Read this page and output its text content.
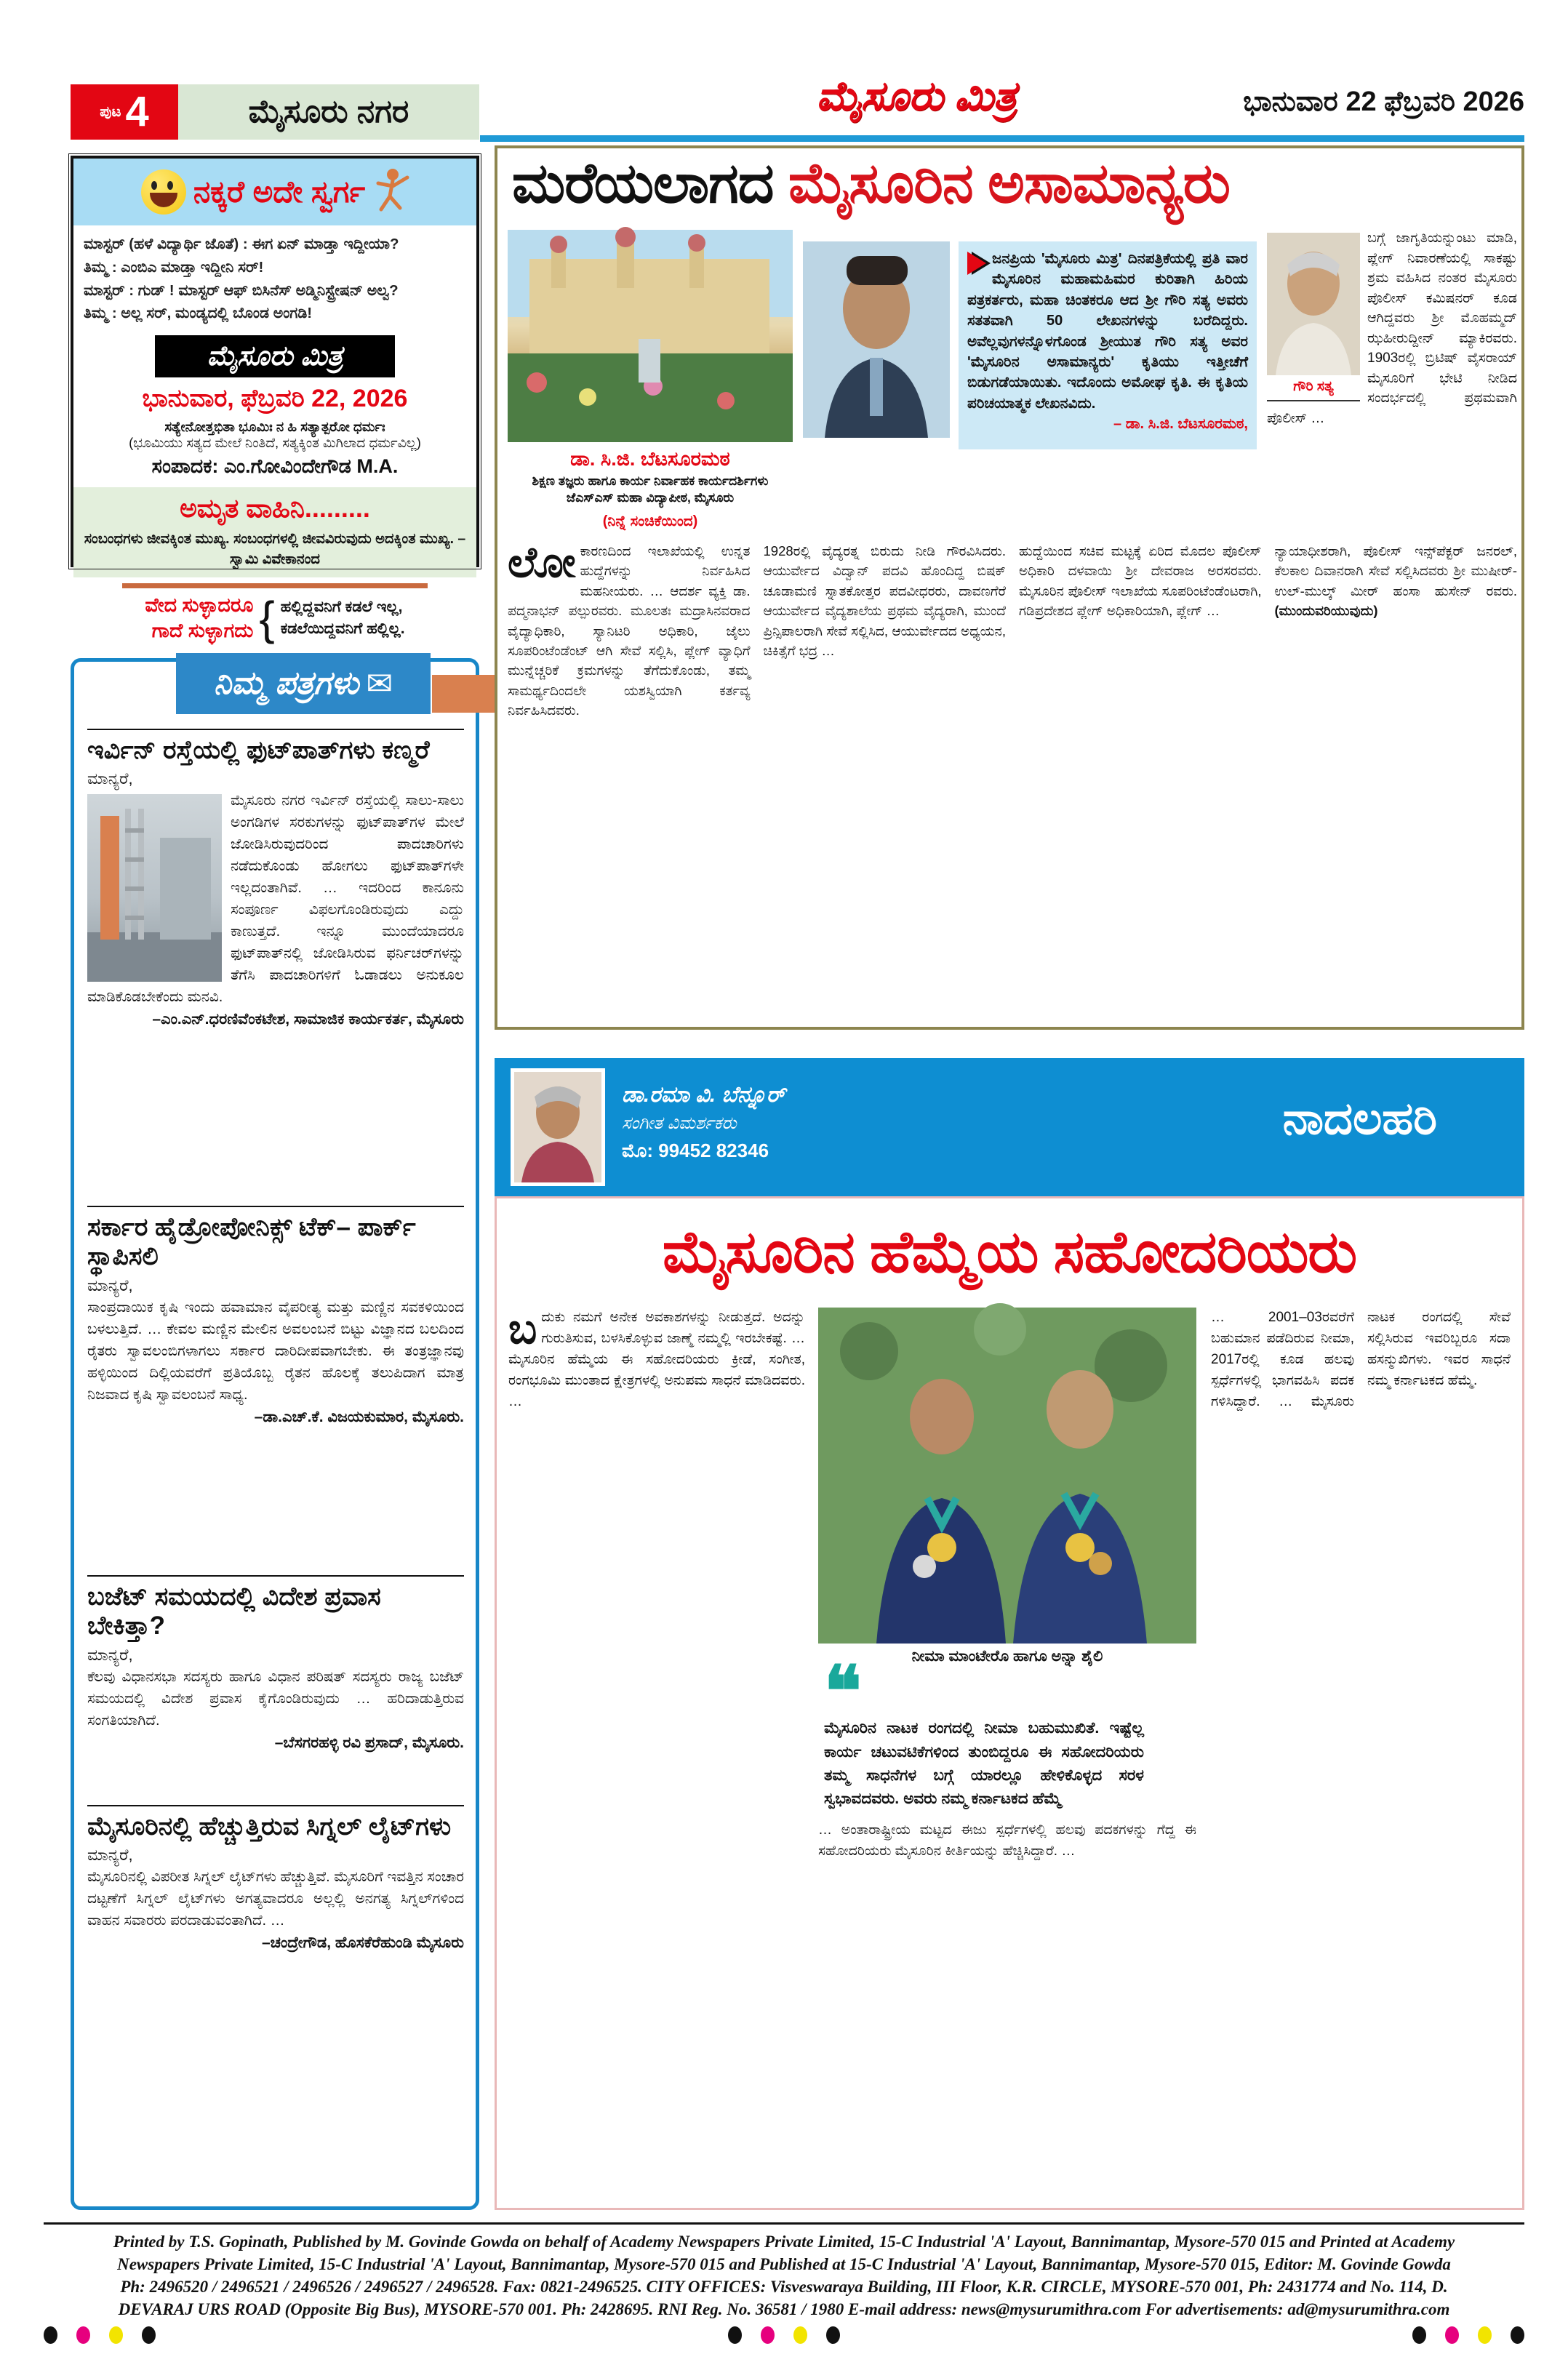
ಪುಟ 4	ಮೈಸೂರು ನಗರ	ಮೈಸೂರು ಮಿತ್ರ	ಭಾನುವಾರ 22 ಫೆಬ್ರವರಿ 2026
ನಕ್ಕರೆ ಅದೇ ಸ್ವರ್ಗ
ಮಾಸ್ಟರ್ (ಹಳೆ ವಿದ್ಯಾರ್ಥಿ ಜೊತೆ) : ಈಗ ಏನ್ ಮಾಡ್ತಾ ಇದ್ದೀಯಾ?
ತಿಮ್ಮ : ಎಂಬಿಎ ಮಾಡ್ತಾ ಇದ್ದೀನಿ ಸರ್!
ಮಾಸ್ಟರ್ : ಗುಡ್ ! ಮಾಸ್ಟರ್ ಆಫ್ ಬಿಸಿನೆಸ್ ಅಡ್ಮಿನಿಸ್ಟ್ರೇಷನ್ ಅಲ್ವ?
ತಿಮ್ಮ : ಅಲ್ಲ ಸರ್, ಮಂಡ್ಯದಲ್ಲಿ ಬೊಂಡ ಅಂಗಡಿ!
ಮೈಸೂರು ಮಿತ್ರ
ಭಾನುವಾರ, ಫೆಬ್ರವರಿ 22, 2026
ಸತ್ಯೇನೋತ್ತಭಿತಾ ಭೂಮಿಃ ನ ಹಿ ಸತ್ಯಾತ್ಪರೋ ಧರ್ಮಃ
(ಭೂಮಿಯು ಸತ್ಯದ ಮೇಲೆ ನಿಂತಿದೆ, ಸತ್ಯಕ್ಕಿಂತ ಮಿಗಿಲಾದ ಧರ್ಮವಿಲ್ಲ)
ಸಂಪಾದಕ: ಎಂ.ಗೋವಿಂದೇಗೌಡ M.A.
ಅಮೃತ ವಾಹಿನಿ.........
ಸಂಬಂಧಗಳು ಜೀವಕ್ಕಿಂತ ಮುಖ್ಯ. ಸಂಬಂಧಗಳಲ್ಲಿ ಜೀವವಿರುವುದು ಅದಕ್ಕಿಂತ ಮುಖ್ಯ. – ಸ್ವಾಮಿ ವಿವೇಕಾನಂದ
ವೇದ ಸುಳ್ಳಾದರೂ
ಗಾದೆ ಸುಳ್ಳಾಗದು { ಹಲ್ಲಿದ್ದವನಿಗೆ ಕಡಲೆ ಇಲ್ಲ,
ಕಡಲೆಯಿದ್ದವನಿಗೆ ಹಲ್ಲಿಲ್ಲ.
ನಿಮ್ಮ ಪತ್ರಗಳು ✉
ಇರ್ವಿನ್ ರಸ್ತೆಯಲ್ಲಿ ಫುಟ್‌ಪಾತ್‌ಗಳು ಕಣ್ಮರೆ
ಮಾನ್ಯರೆ,
ಮೈಸೂರು ನಗರ ಇರ್ವಿನ್ ರಸ್ತೆಯಲ್ಲಿ ಸಾಲು-ಸಾಲು ಅಂಗಡಿಗಳ ಸರಕುಗಳನ್ನು ಫುಟ್‌ಪಾತ್‌ಗಳ ಮೇಲೆ ಜೋಡಿಸಿರುವುದರಿಂದ ಪಾದಚಾರಿಗಳು ನಡೆದುಕೊಂಡು ಹೋಗಲು ಫುಟ್‌ಪಾತ್‌ಗಳೇ ಇಲ್ಲದಂತಾಗಿವೆ. … ಇದರಿಂದ ಕಾನೂನು ಸಂಪೂರ್ಣ ವಿಫಲಗೊಂಡಿರುವುದು ಎದ್ದು ಕಾಣುತ್ತದೆ. ಇನ್ನೂ ಮುಂದೆಯಾದರೂ ಫುಟ್‌ಪಾತ್‌ನಲ್ಲಿ ಜೋಡಿಸಿರುವ ಫರ್ನಿಚರ್‌ಗಳನ್ನು ತೆಗೆಸಿ ಪಾದಚಾರಿಗಳಿಗೆ ಓಡಾಡಲು ಅನುಕೂಲ ಮಾಡಿಕೊಡಬೇಕೆಂದು ಮನವಿ.
–ಎಂ.ಎನ್.ಧರಣಿವೆಂಕಟೇಶ, ಸಾಮಾಜಿಕ ಕಾರ್ಯಕರ್ತ, ಮೈಸೂರು
ಸರ್ಕಾರ ಹೈಡ್ರೋಪೋನಿಕ್ಸ್ ಟೆಕ್– ಪಾರ್ಕ್ ಸ್ಥಾಪಿಸಲಿ
ಮಾನ್ಯರೆ,
ಸಾಂಪ್ರದಾಯಿಕ ಕೃಷಿ ಇಂದು ಹವಾಮಾನ ವೈಪರೀತ್ಯ ಮತ್ತು ಮಣ್ಣಿನ ಸವಕಳಿಯಿಂದ ಬಳಲುತ್ತಿದೆ. … ಕೇವಲ ಮಣ್ಣಿನ ಮೇಲಿನ ಅವಲಂಬನೆ ಬಿಟ್ಟು ವಿಜ್ಞಾನದ ಬಲದಿಂದ ರೈತರು ಸ್ವಾವಲಂಬಿಗಳಾಗಲು ಸರ್ಕಾರ ದಾರಿದೀಪವಾಗಬೇಕು. ಈ ತಂತ್ರಜ್ಞಾನವು ಹಳ್ಳಿಯಿಂದ ದಿಲ್ಲಿಯವರೆಗೆ ಪ್ರತಿಯೊಬ್ಬ ರೈತನ ಹೊಲಕ್ಕೆ ತಲುಪಿದಾಗ ಮಾತ್ರ ನಿಜವಾದ ಕೃಷಿ ಸ್ವಾವಲಂಬನೆ ಸಾಧ್ಯ.
–ಡಾ.ಎಚ್.ಕೆ. ವಿಜಯಕುಮಾರ, ಮೈಸೂರು.
ಬಜೆಟ್ ಸಮಯದಲ್ಲಿ ವಿದೇಶ ಪ್ರವಾಸ ಬೇಕಿತ್ತಾ?
ಮಾನ್ಯರೆ,
ಕೆಲವು ವಿಧಾನಸಭಾ ಸದಸ್ಯರು ಹಾಗೂ ವಿಧಾನ ಪರಿಷತ್ ಸದಸ್ಯರು ರಾಜ್ಯ ಬಜೆಟ್ ಸಮಯದಲ್ಲಿ ವಿದೇಶ ಪ್ರವಾಸ ಕೈಗೊಂಡಿರುವುದು … ಹರಿದಾಡುತ್ತಿರುವ ಸಂಗತಿಯಾಗಿದೆ.
–ಬೆಸಗರಹಳ್ಳಿ ರವಿ ಪ್ರಸಾದ್, ಮೈಸೂರು.
ಮೈಸೂರಿನಲ್ಲಿ ಹೆಚ್ಚುತ್ತಿರುವ ಸಿಗ್ನಲ್ ಲೈಟ್‌ಗಳು
ಮಾನ್ಯರೆ,
ಮೈಸೂರಿನಲ್ಲಿ ವಿಪರೀತ ಸಿಗ್ನಲ್ ಲೈಟ್‌ಗಳು ಹೆಚ್ಚುತ್ತಿವೆ. ಮೈಸೂರಿಗೆ ಇವತ್ತಿನ ಸಂಚಾರ ದಟ್ಟಣೆಗೆ ಸಿಗ್ನಲ್ ಲೈಟ್‌ಗಳು ಅಗತ್ಯವಾದರೂ ಅಲ್ಲಲ್ಲಿ ಅನಗತ್ಯ ಸಿಗ್ನಲ್‌ಗಳಿಂದ ವಾಹನ ಸವಾರರು ಪರದಾಡುವಂತಾಗಿದೆ. …
–ಚಂದ್ರೇಗೌಡ, ಹೊಸಕೆರೆಹುಂಡಿ ಮೈಸೂರು
ಮರೆಯಲಾಗದ ಮೈಸೂರಿನ ಅಸಾಮಾನ್ಯರು
ಡಾ. ಸಿ.ಜಿ. ಬೆಟಸೂರಮಠ
ಶಿಕ್ಷಣ ತಜ್ಞರು ಹಾಗೂ ಕಾರ್ಯ ನಿರ್ವಾಹಕ ಕಾರ್ಯದರ್ಶಿಗಳು ಜೆಎಸ್‌ಎಸ್ ಮಹಾ ವಿದ್ಯಾಪೀಠ, ಮೈಸೂರು
(ನಿನ್ನೆ ಸಂಚಿಕೆಯಿಂದ)
ಜನಪ್ರಿಯ 'ಮೈಸೂರು ಮಿತ್ರ' ದಿನಪತ್ರಿಕೆಯಲ್ಲಿ ಪ್ರತಿ ವಾರ ಮೈಸೂರಿನ ಮಹಾಮಹಿಮರ ಕುರಿತಾಗಿ ಹಿರಿಯ ಪತ್ರಕರ್ತರು, ಮಹಾ ಚಿಂತಕರೂ ಆದ ಶ್ರೀ ಗೌರಿ ಸತ್ಯ ಅವರು ಸತತವಾಗಿ 50 ಲೇಖನಗಳನ್ನು ಬರೆದಿದ್ದರು. ಅವೆಲ್ಲವುಗಳನ್ನೊಳಗೊಂಡ ಶ್ರೀಯುತ ಗೌರಿ ಸತ್ಯ ಅವರ 'ಮೈಸೂರಿನ ಅಸಾಮಾನ್ಯರು' ಕೃತಿಯು ಇತ್ತೀಚೆಗೆ ಬಿಡುಗಡೆಯಾಯಿತು. ಇದೊಂದು ಅಮೋಘ ಕೃತಿ. ಈ ಕೃತಿಯ ಪರಿಚಯಾತ್ಮಕ ಲೇಖನವಿದು.
– ಡಾ. ಸಿ.ಜಿ. ಬೆಟಸೂರಮಠ,
ಗೌರಿ ಸತ್ಯ
ಬಗ್ಗೆ ಜಾಗೃತಿಯನ್ನುಂಟು ಮಾಡಿ, ಪ್ಲೇಗ್ ನಿವಾರಣೆಯಲ್ಲಿ ಸಾಕಷ್ಟು ಶ್ರಮ ವಹಿಸಿದ ನಂತರ ಮೈಸೂರು ಪೊಲೀಸ್ ಕಮಿಷನರ್ ಕೂಡ ಆಗಿದ್ದವರು ಶ್ರೀ ಮೊಹಮ್ಮದ್ ಝಹೀರುದ್ದೀನ್ ಮ್ಯಾಕಿರವರು. 1903ರಲ್ಲಿ ಬ್ರಿಟಿಷ್ ವೈಸರಾಯ್ ಮೈಸೂರಿಗೆ ಭೇಟಿ ನೀಡಿದ ಸಂದರ್ಭದಲ್ಲಿ ಪ್ರಥಮವಾಗಿ ಪೊಲೀಸ್ …
ಲೋ ಕಾರಣದಿಂದ ಇಲಾಖೆಯಲ್ಲಿ ಉನ್ನತ ಹುದ್ದೆಗಳನ್ನು ನಿರ್ವಹಿಸಿದ ಮಹನೀಯರು. … ಆದರ್ಶ ವ್ಯಕ್ತಿ ಡಾ. ಪದ್ಮನಾಭನ್ ಪಲ್ಪುರವರು. ಮೂಲತಃ ಮದ್ರಾಸಿನವರಾದ ವೈದ್ಯಾಧಿಕಾರಿ, ಸ್ಯಾನಿಟರಿ ಅಧಿಕಾರಿ, ಜೈಲು ಸೂಪರಿಂಟೆಂಡೆಂಟ್ ಆಗಿ ಸೇವೆ ಸಲ್ಲಿಸಿ, ಪ್ಲೇಗ್ ವ್ಯಾಧಿಗೆ ಮುನ್ನೆಚ್ಚರಿಕೆ ಕ್ರಮಗಳನ್ನು ತೆಗೆದುಕೊಂಡು, ತಮ್ಮ ಸಾಮರ್ಥ್ಯದಿಂದಲೇ ಯಶಸ್ವಿಯಾಗಿ ಕರ್ತವ್ಯ ನಿರ್ವಹಿಸಿದವರು.
1928ರಲ್ಲಿ ವೈದ್ಯರತ್ನ ಬಿರುದು ನೀಡಿ ಗೌರವಿಸಿದರು. ಆಯುರ್ವೇದ ವಿದ್ವಾನ್ ಪದವಿ ಹೊಂದಿದ್ದ ಬಿಷಕ್ ಚೂಡಾಮಣಿ ಸ್ನಾತಕೋತ್ತರ ಪದವೀಧರರು, ದಾವಣಗೆರೆ ಆಯುರ್ವೇದ ವೈದ್ಯಶಾಲೆಯ ಪ್ರಥಮ ವೈದ್ಯರಾಗಿ, ಮುಂದೆ ಪ್ರಿನ್ಸಿಪಾಲರಾಗಿ ಸೇವೆ ಸಲ್ಲಿಸಿದ, ಆಯುರ್ವೇದದ ಅಧ್ಯಯನ, ಚಿಕಿತ್ಸೆಗೆ ಭದ್ರ …
ಹುದ್ದೆಯಿಂದ ಸಚಿವ ಮಟ್ಟಕ್ಕೆ ಏರಿದ ಮೊದಲ ಪೊಲೀಸ್ ಅಧಿಕಾರಿ ದಳವಾಯಿ ಶ್ರೀ ದೇವರಾಜ ಅರಸರವರು. ಮೈಸೂರಿನ ಪೊಲೀಸ್ ಇಲಾಖೆಯ ಸೂಪರಿಂಟೆಂಡೆಂಟರಾಗಿ, ಗಡಿಪ್ರದೇಶದ ಪ್ಲೇಗ್ ಅಧಿಕಾರಿಯಾಗಿ, ಪ್ಲೇಗ್ …
ನ್ಯಾಯಾಧೀಶರಾಗಿ, ಪೊಲೀಸ್ ಇನ್ಸ್‌ಪೆಕ್ಟರ್ ಜನರಲ್, ಕೆಲಕಾಲ ದಿವಾನರಾಗಿ ಸೇವೆ ಸಲ್ಲಿಸಿದವರು ಶ್ರೀ ಮುಷೀರ್-ಉಲ್-ಮುಲ್ಕ್ ಮೀರ್ ಹಂಸಾ ಹುಸೇನ್ ರವರು. (ಮುಂದುವರಿಯುವುದು)
ಡಾ.ರಮಾ ವಿ. ಬೆನ್ನೂರ್
ಸಂಗೀತ ವಿಮರ್ಶಕರು
ಮೊ: 99452 82346
ನಾದಲಹರಿ
ಮೈಸೂರಿನ ಹೆಮ್ಮೆಯ ಸಹೋದರಿಯರು
ಬ ದುಕು ನಮಗೆ ಅನೇಕ ಅವಕಾಶಗಳನ್ನು ನೀಡುತ್ತದೆ. ಅದನ್ನು ಗುರುತಿಸುವ, ಬಳಸಿಕೊಳ್ಳುವ ಜಾಣ್ಮೆ ನಮ್ಮಲ್ಲಿ ಇರಬೇಕಷ್ಟೆ. … ಮೈಸೂರಿನ ಹೆಮ್ಮೆಯ ಈ ಸಹೋದರಿಯರು ಕ್ರೀಡೆ, ಸಂಗೀತ, ರಂಗಭೂಮಿ ಮುಂತಾದ ಕ್ಷೇತ್ರಗಳಲ್ಲಿ ಅನುಪಮ ಸಾಧನೆ ಮಾಡಿದವರು. …
ನೀಮಾ ಮಾಂಟೇರೊ ಹಾಗೂ ಅನ್ನಾ ಶೈಲಿ
❝
ಮೈಸೂರಿನ ನಾಟಕ ರಂಗದಲ್ಲಿ ನೀಮಾ ಬಹುಮುಖಿತೆ. ಇಷ್ಟೆಲ್ಲ ಕಾರ್ಯ ಚಟುವಟಿಕೆಗಳಿಂದ ತುಂಬಿದ್ದರೂ ಈ ಸಹೋದರಿಯರು ತಮ್ಮ ಸಾಧನೆಗಳ ಬಗ್ಗೆ ಯಾರಲ್ಲೂ ಹೇಳಿಕೊಳ್ಳದ ಸರಳ ಸ್ವಭಾವದವರು. ಅವರು ನಮ್ಮ ಕರ್ನಾಟಕದ ಹೆಮ್ಮೆ
… ಅಂತಾರಾಷ್ಟ್ರೀಯ ಮಟ್ಟದ ಈಜು ಸ್ಪರ್ಧೆಗಳಲ್ಲಿ ಹಲವು ಪದಕಗಳನ್ನು ಗೆದ್ದ ಈ ಸಹೋದರಿಯರು ಮೈಸೂರಿನ ಕೀರ್ತಿಯನ್ನು ಹೆಚ್ಚಿಸಿದ್ದಾರೆ. …
… 2001–03ರವರೆಗೆ ಬಹುಮಾನ ಪಡೆದಿರುವ ನೀಮಾ, 2017ರಲ್ಲಿ ಕೂಡ ಹಲವು ಸ್ಪರ್ಧೆಗಳಲ್ಲಿ ಭಾಗವಹಿಸಿ ಪದಕ ಗಳಿಸಿದ್ದಾರೆ. … ಮೈಸೂರು ನಾಟಕ ರಂಗದಲ್ಲಿ ಸೇವೆ ಸಲ್ಲಿಸಿರುವ ಇವರಿಬ್ಬರೂ ಸದಾ ಹಸನ್ಮುಖಿಗಳು. ಇವರ ಸಾಧನೆ ನಮ್ಮ ಕರ್ನಾಟಕದ ಹೆಮ್ಮೆ.
Printed by T.S. Gopinath, Published by M. Govinde Gowda on behalf of Academy Newspapers Private Limited, 15-C Industrial 'A' Layout, Bannimantap, Mysore-570 015 and Printed at Academy
Newspapers Private Limited, 15-C Industrial 'A' Layout, Bannimantap, Mysore-570 015 and Published at 15-C Industrial 'A' Layout, Bannimantap, Mysore-570 015, Editor: M. Govinde Gowda
Ph: 2496520 / 2496521 / 2496526 / 2496527 / 2496528. Fax: 0821-2496525. CITY OFFICES: Visveswaraya Building, III Floor, K.R. CIRCLE, MYSORE-570 001, Ph: 2431774 and No. 114, D.
DEVARAJ URS ROAD (Opposite Big Bus), MYSORE-570 001. Ph: 2428695. RNI Reg. No. 36581 / 1980 E-mail address: news@mysurumithra.com For advertisements: ad@mysurumithra.com
